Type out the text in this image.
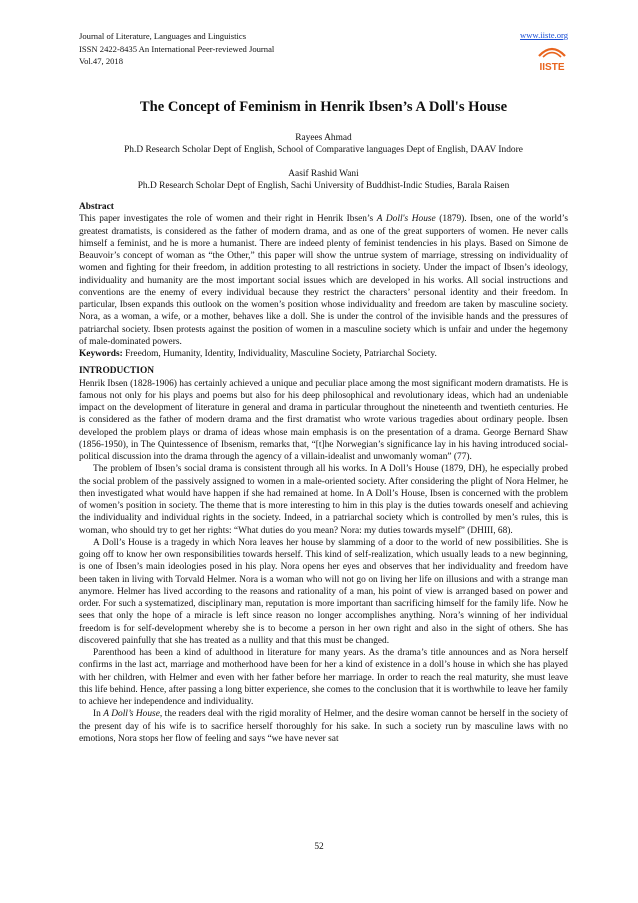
Journal of Literature, Languages and Linguistics
ISSN 2422-8435 An International Peer-reviewed Journal
Vol.47, 2018
www.iiste.org
IISTE
The Concept of Feminism in Henrik Ibsen’s A Doll's House
Rayees Ahmad
Ph.D Research Scholar Dept of English, School of Comparative languages Dept of English, DAAV Indore
Aasif Rashid Wani
Ph.D Research Scholar Dept of English, Sachi University of Buddhist-Indic Studies, Barala Raisen

Abstract

This paper investigates the role of women and their right in Henrik Ibsen’s A Doll's House (1879). Ibsen, one of the world’s greatest dramatists, is considered as the father of modern drama, and as one of the great supporters of women. He never calls himself a feminist, and he is more a humanist. There are indeed plenty of feminist tendencies in his plays. Based on Simone de Beauvoir’s concept of woman as “the Other,” this paper will show the untrue system of marriage, stressing on individuality of women and fighting for their freedom, in addition protesting to all restrictions in society. Under the impact of Ibsen’s ideology, individuality and humanity are the most important social issues which are developed in his works. All social instructions and conventions are the enemy of every individual because they restrict the characters’ personal identity and their freedom. In particular, Ibsen expands this outlook on the women’s position whose individuality and freedom are taken by masculine society. Nora, as a woman, a wife, or a mother, behaves like a doll. She is under the control of the invisible hands and the pressures of patriarchal society. Ibsen protests against the position of women in a masculine society which is unfair and under the hegemony of male-dominated powers.

Keywords: Freedom, Humanity, Identity, Individuality, Masculine Society, Patriarchal Society.

INTRODUCTION

Henrik Ibsen (1828-1906) has certainly achieved a unique and peculiar place among the most significant modern dramatists. He is famous not only for his plays and poems but also for his deep philosophical and revolutionary ideas, which had an undeniable impact on the development of literature in general and drama in particular throughout the nineteenth and twentieth centuries. He is considered as the father of modern drama and the first dramatist who wrote various tragedies about ordinary people. Ibsen developed the problem plays or drama of ideas whose main emphasis is on the presentation of a drama. George Bernard Shaw (1856-1950), in The Quintessence of Ibsenism, remarks that, “[t]he Norwegian’s significance lay in his having introduced social-political discussion into the drama through the agency of a villain-idealist and unwomanly woman” (77).

The problem of Ibsen’s social drama is consistent through all his works. In A Doll’s House (1879, DH), he especially probed the social problem of the passively assigned to women in a male-oriented society. After considering the plight of Nora Helmer, he then investigated what would have happen if she had remained at home. In A Doll’s House, Ibsen is concerned with the problem of women’s position in society. The theme that is more interesting to him in this play is the duties towards oneself and achieving the individuality and individual rights in the society. Indeed, in a patriarchal society which is controlled by men’s rules, this is woman, who should try to get her rights: “What duties do you mean? Nora: my duties towards myself” (DHIII, 68).

A Doll’s House is a tragedy in which Nora leaves her house by slamming of a door to the world of new possibilities. She is going off to know her own responsibilities towards herself. This kind of self-realization, which usually leads to a new beginning, is one of Ibsen’s main ideologies posed in his play. Nora opens her eyes and observes that her individuality and freedom have been taken in living with Torvald Helmer. Nora is a woman who will not go on living her life on illusions and with a strange man anymore. Helmer has lived according to the reasons and rationality of a man, his point of view is arranged based on power and order. For such a systematized, disciplinary man, reputation is more important than sacrificing himself for the family life. Now he sees that only the hope of a miracle is left since reason no longer accomplishes anything. Nora’s winning of her individual freedom is for self-development whereby she is to become a person in her own right and also in the sight of others. She has discovered painfully that she has treated as a nullity and that this must be changed.

Parenthood has been a kind of adulthood in literature for many years. As the drama’s title announces and as Nora herself confirms in the last act, marriage and motherhood have been for her a kind of existence in a doll’s house in which she has played with her children, with Helmer and even with her father before her marriage. In order to reach the real maturity, she must leave this life behind. Hence, after passing a long bitter experience, she comes to the conclusion that it is worthwhile to leave her family to achieve her independence and individuality.

In A Doll’s House, the readers deal with the rigid morality of Helmer, and the desire woman cannot be herself in the society of the present day of his wife is to sacrifice herself thoroughly for his sake. In such a society run by masculine laws with no emotions, Nora stops her flow of feeling and says “we have never sat

52
